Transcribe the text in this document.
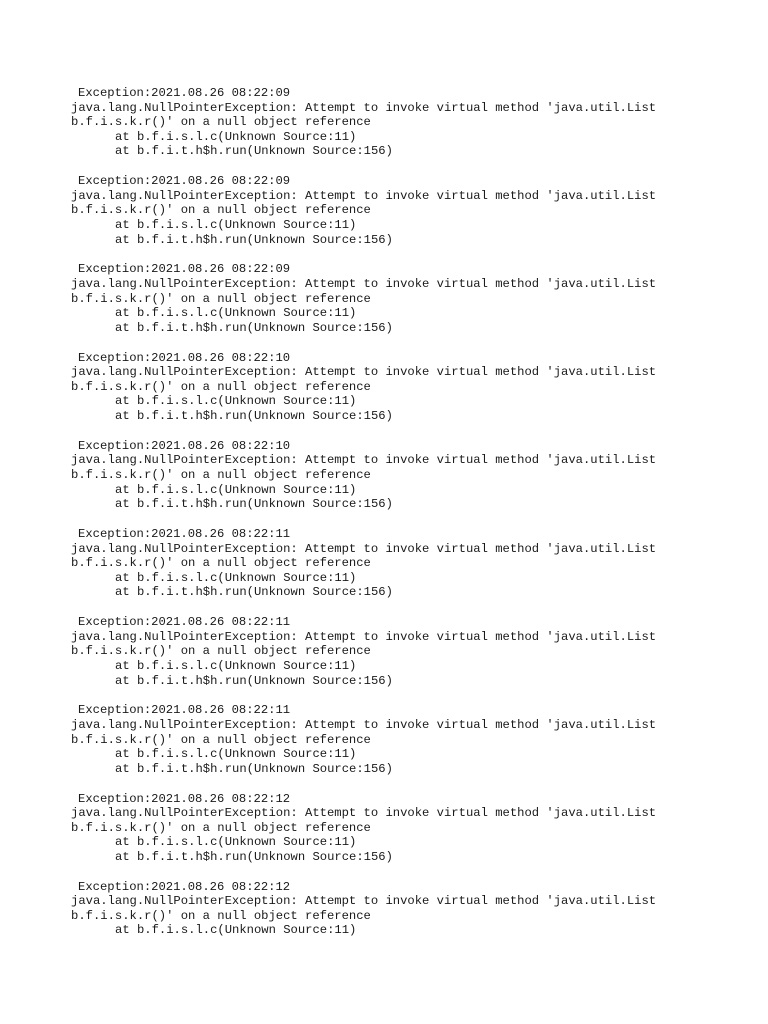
Exception:2021.08.26 08:22:09
java.lang.NullPointerException: Attempt to invoke virtual method 'java.util.List
b.f.i.s.k.r()' on a null object reference
at b.f.i.s.l.c(Unknown Source:11)
at b.f.i.t.h$h.run(Unknown Source:156)
Exception:2021.08.26 08:22:09
java.lang.NullPointerException: Attempt to invoke virtual method 'java.util.List
b.f.i.s.k.r()' on a null object reference
at b.f.i.s.l.c(Unknown Source:11)
at b.f.i.t.h$h.run(Unknown Source:156)
Exception:2021.08.26 08:22:09
java.lang.NullPointerException: Attempt to invoke virtual method 'java.util.List
b.f.i.s.k.r()' on a null object reference
at b.f.i.s.l.c(Unknown Source:11)
at b.f.i.t.h$h.run(Unknown Source:156)
Exception:2021.08.26 08:22:10
java.lang.NullPointerException: Attempt to invoke virtual method 'java.util.List
b.f.i.s.k.r()' on a null object reference
at b.f.i.s.l.c(Unknown Source:11)
at b.f.i.t.h$h.run(Unknown Source:156)
Exception:2021.08.26 08:22:10
java.lang.NullPointerException: Attempt to invoke virtual method 'java.util.List
b.f.i.s.k.r()' on a null object reference
at b.f.i.s.l.c(Unknown Source:11)
at b.f.i.t.h$h.run(Unknown Source:156)
Exception:2021.08.26 08:22:11
java.lang.NullPointerException: Attempt to invoke virtual method 'java.util.List
b.f.i.s.k.r()' on a null object reference
at b.f.i.s.l.c(Unknown Source:11)
at b.f.i.t.h$h.run(Unknown Source:156)
Exception:2021.08.26 08:22:11
java.lang.NullPointerException: Attempt to invoke virtual method 'java.util.List
b.f.i.s.k.r()' on a null object reference
at b.f.i.s.l.c(Unknown Source:11)
at b.f.i.t.h$h.run(Unknown Source:156)
Exception:2021.08.26 08:22:11
java.lang.NullPointerException: Attempt to invoke virtual method 'java.util.List
b.f.i.s.k.r()' on a null object reference
at b.f.i.s.l.c(Unknown Source:11)
at b.f.i.t.h$h.run(Unknown Source:156)
Exception:2021.08.26 08:22:12
java.lang.NullPointerException: Attempt to invoke virtual method 'java.util.List
b.f.i.s.k.r()' on a null object reference
at b.f.i.s.l.c(Unknown Source:11)
at b.f.i.t.h$h.run(Unknown Source:156)
Exception:2021.08.26 08:22:12
java.lang.NullPointerException: Attempt to invoke virtual method 'java.util.List
b.f.i.s.k.r()' on a null object reference
at b.f.i.s.l.c(Unknown Source:11)
